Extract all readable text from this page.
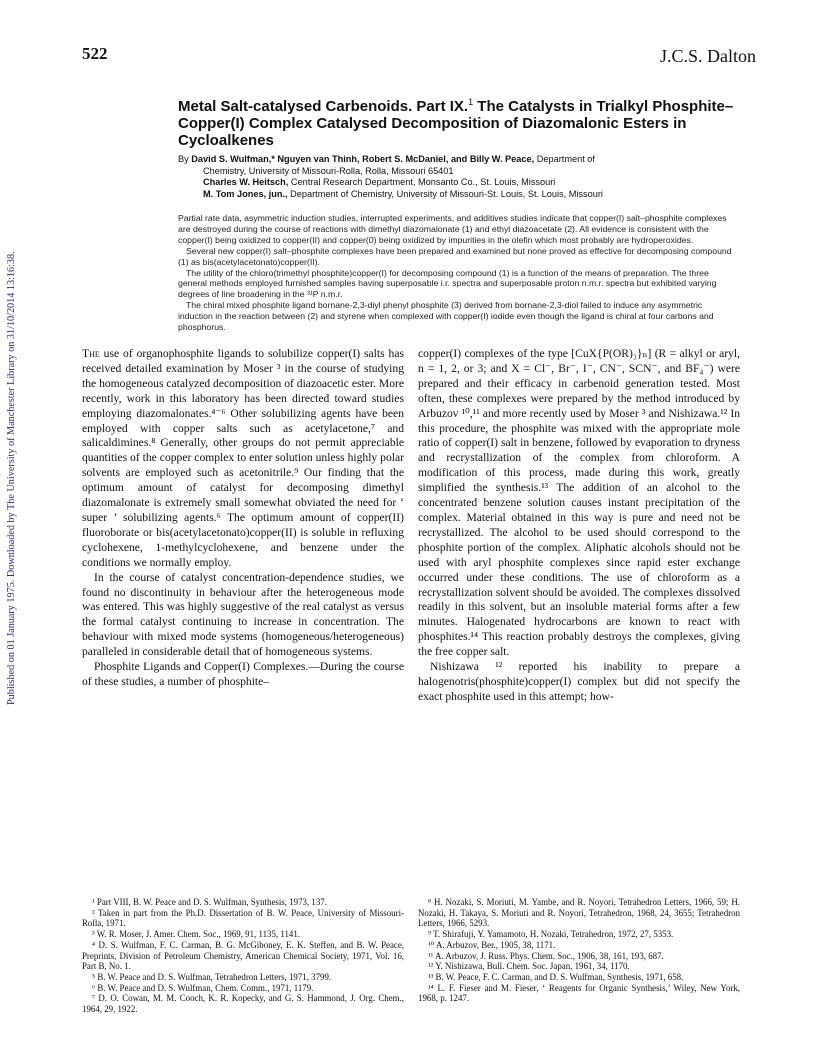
522	J.C.S. Dalton
Published on 01 January 1975. Downloaded by The University of Manchester Library on 31/10/2014 13:16:38.
Metal Salt-catalysed Carbenoids. Part IX.$^1$ The Catalysts in Trialkyl Phosphite–Copper(I) Complex Catalysed Decomposition of Diazomalonic Esters in Cycloalkenes
By David S. Wulfman,* Nguyen van Thinh, Robert S. McDaniel, and Billy W. Peace, Department of
Chemistry, University of Missouri-Rolla, Rolla, Missouri 65401
Charles W. Heitsch, Central Research Department, Monsanto Co., St. Louis, Missouri
M. Tom Jones, jun., Department of Chemistry, University of Missouri-St. Louis, St. Louis, Missouri

Partial rate data, asymmetric induction studies, interrupted experiments, and additives studies indicate that copper(I) salt–phosphite complexes are destroyed during the course of reactions with dimethyl diazomalonate (1) and ethyl diazoacetate (2). All evidence is consistent with the copper(I) being oxidized to copper(II) and copper(0) being oxidized by impurities in the olefin which most probably are hydroperoxides.

Several new copper(I) salt–phosphite complexes have been prepared and examined but none proved as effective for decomposing compound (1) as bis(acetylacetonato)copper(II).

The utility of the chloro(trimethyl phosphite)copper(I) for decomposing compound (1) is a function of the means of preparation. The three general methods employed furnished samples having superposable i.r. spectra and superposable proton n.m.r. spectra but exhibited varying degrees of line broadening in the ³¹P n.m.r.

The chiral mixed phosphite ligand bornane-2,3-diyl phenyl phosphite (3) derived from bornane-2,3-diol failed to induce any asymmetric induction in the reaction between (2) and styrene when complexed with copper(I) iodide even though the ligand is chiral at four carbons and phosphorus.

The use of organophosphite ligands to solubilize copper(I) salts has received detailed examination by Moser ³ in the course of studying the homogeneous catalyzed decomposition of diazoacetic ester. More recently, work in this laboratory has been directed toward studies employing diazomalonates.⁴⁻⁶ Other solubilizing agents have been employed with copper salts such as acetylacetone,⁷ and salicaldimines.⁸ Generally, other groups do not permit appreciable quantities of the copper complex to enter solution unless highly polar solvents are employed such as acetonitrile.⁹ Our finding that the optimum amount of catalyst for decomposing dimethyl diazomalonate is extremely small somewhat obviated the need for ‘ super ’ solubilizing agents.⁶ The optimum amount of copper(II) fluoroborate or bis(acetylacetonato)copper(II) is soluble in refluxing cyclohexene, 1-methylcyclohexene, and benzene under the conditions we normally employ.

In the course of catalyst concentration-dependence studies, we found no discontinuity in behaviour after the heterogeneous mode was entered. This was highly suggestive of the real catalyst as versus the formal catalyst continuing to increase in concentration. The behaviour with mixed mode systems (homogeneous/heterogeneous) paralleled in considerable detail that of homogeneous systems.

Phosphite Ligands and Copper(I) Complexes.—During the course of these studies, a number of phosphite–

copper(I) complexes of the type [CuX{P(OR)₃}ₙ] (R = alkyl or aryl, n = 1, 2, or 3; and X = Cl⁻, Br⁻, I⁻, CN⁻, SCN⁻, and BF₄⁻) were prepared and their efficacy in carbenoid generation tested. Most often, these complexes were prepared by the method introduced by Arbuzov ¹⁰,¹¹ and more recently used by Moser ³ and Nishizawa.¹² In this procedure, the phosphite was mixed with the appropriate mole ratio of copper(I) salt in benzene, followed by evaporation to dryness and recrystallization of the complex from chloroform. A modification of this process, made during this work, greatly simplified the synthesis.¹³ The addition of an alcohol to the concentrated benzene solution causes instant precipitation of the complex. Material obtained in this way is pure and need not be recrystallized. The alcohol to be used should correspond to the phosphite portion of the complex. Aliphatic alcohols should not be used with aryl phosphite complexes since rapid ester exchange occurred under these conditions. The use of chloroform as a recrystallization solvent should be avoided. The complexes dissolved readily in this solvent, but an insoluble material forms after a few minutes. Halogenated hydrocarbons are known to react with phosphites.¹⁴ This reaction probably destroys the complexes, giving the free copper salt.

Nishizawa ¹² reported his inability to prepare a halogenotris(phosphite)copper(I) complex but did not specify the exact phosphite used in this attempt; how-

¹ Part VIII, B. W. Peace and D. S. Wulfman, Synthesis, 1973, 137.

² Taken in part from the Ph.D. Dissertation of B. W. Peace, University of Missouri-Rolla, 1971.

³ W. R. Moser, J. Amer. Chem. Soc., 1969, 91, 1135, 1141.

⁴ D. S. Wulfman, F. C. Carman, B. G. McGiboney, E. K. Steffen, and B. W. Peace, Preprints, Division of Petroleum Chemistry, American Chemical Society, 1971, Vol. 16, Part B, No. 1.

⁵ B. W. Peace and D. S. Wulfman, Tetrahedron Letters, 1971, 3799.

⁶ B. W. Peace and D. S. Wulfman, Chem. Comm., 1971, 1179.

⁷ D. O. Cowan, M. M. Cooch, K. R. Kopecky, and G. S. Hammond, J. Org. Chem., 1964, 29, 1922.

⁸ H. Nozaki, S. Moriuti, M. Yambe, and R. Noyori, Tetrahedron Letters, 1966, 59; H. Nozaki, H. Takaya, S. Moriuti and R. Noyori, Tetrahedron, 1968, 24, 3655; Tetrahedron Letters, 1966, 5293.

⁹ T. Shirafuji, Y. Yamamoto, H. Nozaki, Tetrahedron, 1972, 27, 5353.

¹⁰ A. Arbuzov, Ber., 1905, 38, 1171.

¹¹ A. Arbuzov, J. Russ. Phys. Chem. Soc., 1906, 38, 161, 193, 687.

¹² Y. Nishizawa, Bull. Chem. Soc. Japan, 1961, 34, 1170.

¹³ B. W. Peace, F. C. Carman, and D. S. Wulfman, Synthesis, 1971, 658.

¹⁴ L. F. Fieser and M. Fieser, ‘ Reagents for Organic Synthesis,’ Wiley, New York, 1968, p. 1247.
